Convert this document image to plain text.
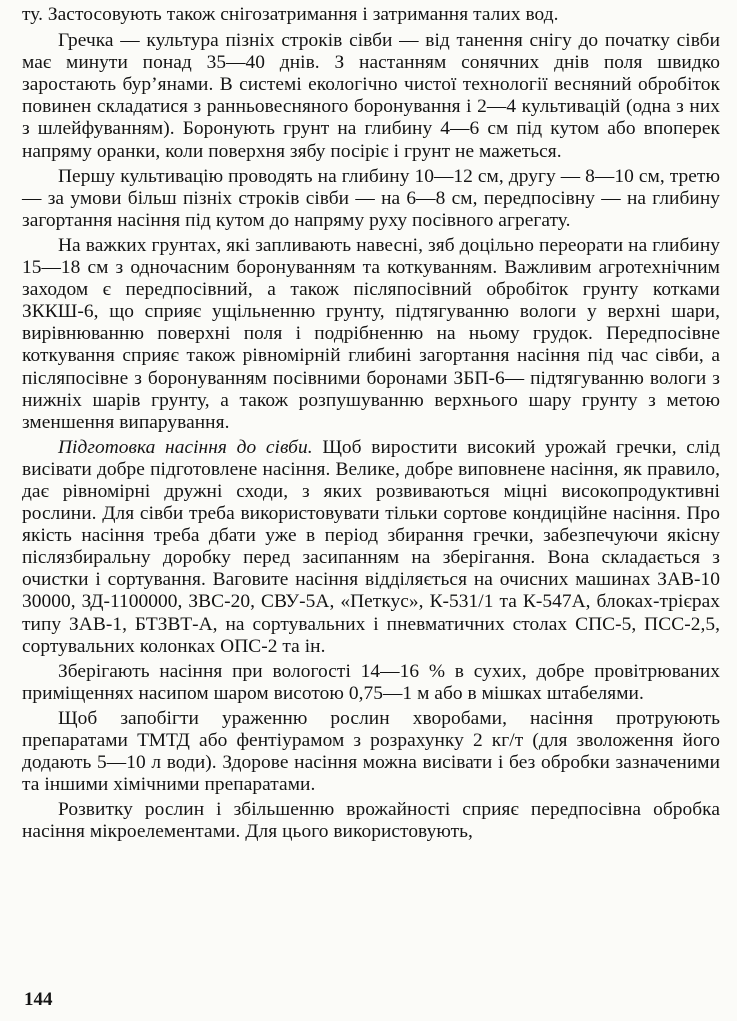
ту. Застосовують також снігозатримання і затримання талих вод.

Гречка — культура пізніх строків сівби — від танення снігу до початку сівби має минути понад 35—40 днів. З настанням сонячних днів поля швидко заростають бур’янами. В системі екологічно чистої технології весняний обробіток повинен складатися з ранньовесняного боронування і 2—4 культивацій (одна з них з шлейфуванням). Боронують грунт на глибину 4—6 см під кутом або впоперек напряму оранки, коли поверхня зябу посіріє і грунт не мажеться.

Першу культивацію проводять на глибину 10—12 см, другу — 8—10 см, третю — за умови більш пізніх строків сівби — на 6—8 см, передпосівну — на глибину загортання насіння під кутом до напряму руху посівного агрегату.

На важких грунтах, які запливають навесні, зяб доцільно переорати на глибину 15—18 см з одночасним боронуванням та коткуванням. Важливим агротехнічним заходом є передпосівний, а також післяпосівний обробіток грунту котками ЗККШ-6, що сприяє ущільненню грунту, підтягуванню вологи у верхні шари, вирівнюванню поверхні поля і подрібненню на ньому грудок. Передпосівне коткування сприяє також рівномірній глибині загортання насіння під час сівби, а післяпосівне з боронуванням посівними боронами ЗБП-6— підтягуванню вологи з нижніх шарів грунту, а також розпушуванню верхнього шару грунту з метою зменшення випарування.

Підготовка насіння до сівби. Щоб виростити високий урожай гречки, слід висівати добре підготовлене насіння. Велике, добре виповнене насіння, як правило, дає рівномірні дружні сходи, з яких розвиваються міцні високопродуктивні рослини. Для сівби треба використовувати тільки сортове кондиційне насіння. Про якість насіння треба дбати уже в період збирання гречки, забезпечуючи якісну післязбиральну доробку перед засипанням на зберігання. Вона складається з очистки і сортування. Ваговите насіння відділяється на очисних машинах ЗАВ-10 30000, ЗД-1100000, ЗВС-20, СВУ-5А, «Петкус», К-531/1 та К-547А, блоках-трієрах типу ЗАВ-1, БТЗВТ-А, на сортувальних і пневматичних столах СПС-5, ПСС-2,5, сортувальних колонках ОПС-2 та ін.

Зберігають насіння при вологості 14—16 % в сухих, добре провітрюваних приміщеннях насипом шаром висотою 0,75—1 м або в мішках штабелями.

Щоб запобігти ураженню рослин хворобами, насіння протруюють препаратами ТМТД або фентіурамом з розрахунку 2 кг/т (для зволоження його додають 5—10 л води). Здорове насіння можна висівати і без обробки зазначеними та іншими хімічними препаратами.

Розвитку рослин і збільшенню врожайності сприяє передпосівна обробка насіння мікроелементами. Для цього використовують,

144
